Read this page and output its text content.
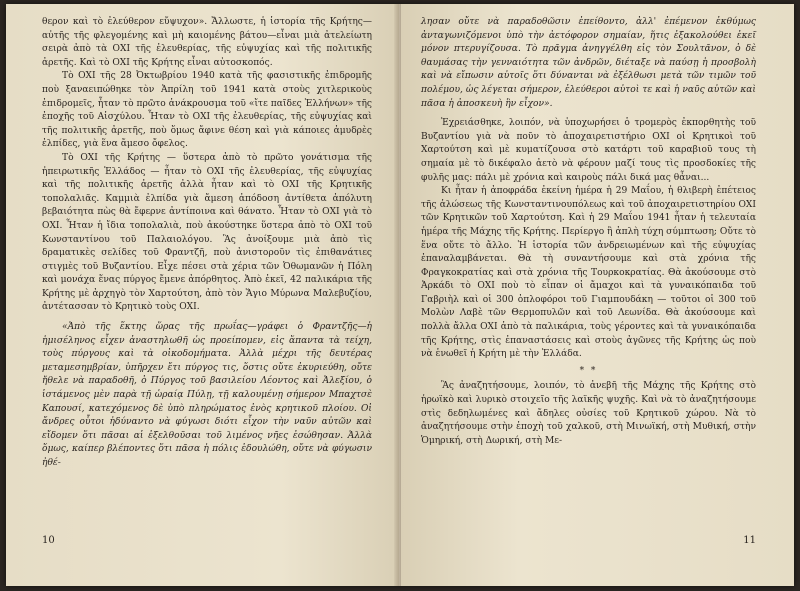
θερον καὶ τὸ ἐλεύθερον εὔψυχον». Ἄλλωστε, ἡ ἱστορία τῆς Κρήτης—αὐτῆς τῆς φλεγομένης καὶ μὴ καιομένης βάτου—εἶναι μιὰ ἀτελείωτη σειρὰ ἀπὸ τὰ ΟΧΙ τῆς ἐλευθερίας, τῆς εὐψυχίας καὶ τῆς πολιτικῆς ἀρετῆς. Καὶ τὸ ΟΧΙ τῆς Κρήτης εἶναι αὐτοσκοπός.

Τὸ ΟΧΙ τῆς 28 Ὀκτωβρίου 1940 κατὰ τῆς φασιστικῆς ἐπιδρομῆς ποὺ ξαναειπώθηκε τὸν Ἀπρίλη τοῦ 1941 κατὰ στοὺς χιτλερικοὺς ἐπιδρομεῖς, ἦταν τὸ πρῶτο ἀνάκρουσμα τοῦ «ἴτε παῖδες Ἑλλήνων» τῆς ἐποχῆς τοῦ Αἰσχύλου. Ἦταν τὸ ΟΧΙ τῆς ἐλευθερίας, τῆς εὐψυχίας καὶ τῆς πολιτικῆς ἀρετῆς, ποὺ ὅμως ἄφινε θέση καὶ γιὰ κάποιες ἀμυδρὲς ἐλπίδες, γιὰ ἕνα ἄμεσο ὄφελος.

Τὸ ΟΧΙ τῆς Κρήτης — ὕστερα ἀπὸ τὸ πρῶτο γονάτισμα τῆς ἠπειρωτικῆς Ἑλλάδος — ἦταν τὸ ΟΧΙ τῆς ἐλευθερίας, τῆς εὐψυχίας καὶ τῆς πολιτικῆς ἀρετῆς ἀλλὰ ἦταν καὶ τὸ ΟΧΙ τῆς Κρητικῆς τοπολαλιᾶς. Καμμιὰ ἐλπίδα γιὰ ἄμεση ἀπόδοση ἀντίθετα ἀπόλυτη βεβαιότητα πὼς θὰ ἔφερνε ἀντίποινα καὶ θάνατο. Ἦταν τὸ ΟΧΙ γιὰ τὸ ΟΧΙ. Ἦταν ἡ ἴδια τοπολαλιὰ, ποὺ ἀκούστηκε ὕστερα ἀπὸ τὸ ΟΧΙ τοῦ Κωνσταντίνου τοῦ Παλαιολόγου. Ἂς ἀνοίξουμε μιὰ ἀπὸ τὶς δραματικὲς σελίδες τοῦ Φραντζῆ, ποὺ ἀνιστοροῦν τὶς ἐπιθανάτιες στιγμὲς τοῦ Βυζαντίου. Εἶχε πέσει στὰ χέρια τῶν Ὀθωμανῶν ἡ Πόλη καὶ μονάχα ἕνας πύργος ἔμενε ἀπόρθητος. Ἀπὸ ἐκεῖ, 42 παλικάρια τῆς Κρήτης μὲ ἀρχηγὸ τὸν Χαρτούτση, ἀπὸ τὸν Ἅγιο Μύρωνα Μαλεβυζίου, ἀντέτασσαν τὸ Κρητικὸ τοὺς ΟΧΙ.

«Ἀπὸ τῆς ἕκτης ὥρας τῆς πρωΐας—γράφει ὁ Φραντζῆς—ἡ ἡμισέληνος εἶχεν ἀναστηλωθῆ ὡς προείπομεν, εἰς ἅπαντα τὰ τείχη, τοὺς πύργους καὶ τὰ οἰκοδομήματα. Ἀλλὰ μέχρι τῆς δευτέρας μεταμεσημβρίαν, ὑπῆρχεν ἔτι πύργος τις, ὅστις οὔτε ἐκυριεύθη, οὔτε ἤθελε νὰ παραδοθῆ, ὁ Πύργος τοῦ βασιλείου Λέοντος καὶ Ἀλεξίου, ὁ ἱστάμενος μὲν παρὰ τῇ ὡραίᾳ Πύλῃ, τῇ καλουμένῃ σήμερον Μπαχτσὲ Καπουσί, κατεχόμενος δὲ ὑπὸ πληρώματος ἑνὸς κρητικοῦ πλοίου. Οἱ ἄνδρες οὗτοι ἠδύναντο νὰ φύγωσι διότι εἶχον τὴν ναῦν αὐτῶν καὶ εἴδομεν ὅτι πᾶσαι αἱ ἐξελθοῦσαι τοῦ λιμένος νῆες ἐσώθησαν. Ἀλλὰ ὅμως, καίπερ βλέποντες ὅτι πᾶσα ἡ πόλις ἑδουλώθη, οὔτε νὰ φύγωσιν ἠθέ-

10

λησαν οὔτε νὰ παραδοθῶσιν ἐπείθοντο, ἀλλ' ἐπέμενον ἐκθύμως ἀνταγωνιζόμενοι ὑπὸ τὴν ἀετόφορον σημαίαν, ἥτις ἐξακολούθει ἐκεῖ μόνον πτερυγίζουσα. Τὸ πρᾶγμα ἀνηγγέλθη εἰς τὸν Σουλτᾶνον, ὁ δὲ θαυμάσας τὴν γενναιότητα τῶν ἀνδρῶν, διέταξε νὰ παύσῃ ἡ προσβολὴ καὶ νὰ εἴπωσιν αὐτοῖς ὅτι δύνανται νὰ ἐξέλθωσι μετὰ τῶν τιμῶν τοῦ πολέμου, ὡς λέγεται σήμερον, ἐλεύθεροι αὐτοὶ τε καὶ ἡ ναῦς αὐτῶν καὶ πᾶσα ἡ ἀποσκευὴ ἣν εἶχον».

Ἐχρειάσθηκε, λοιπόν, νὰ ὑποχωρήσει ὁ τρομερὸς ἐκπορθητὴς τοῦ Βυζαντίου γιὰ νὰ ποῦν τὸ ἀποχαιρετιστήριο ΟΧΙ οἱ Κρητικοὶ τοῦ Χαρτούτση καὶ μὲ κυματίζουσα στὸ κατάρτι τοῦ καραβιοῦ τους τὴ σημαία μὲ τὸ δικέφαλο ἀετὸ νὰ φέρουν μαζί τους τὶς προσδοκίες τῆς φυλῆς μας: πάλι μὲ χρόνια καὶ καιροὺς πάλι δικά μας θἆναι...

Κι ἦταν ἡ ἀποφράδα ἐκείνη ἡμέρα ἡ 29 Μαΐου, ἡ θλιβερὴ ἐπέτειος τῆς ἁλώσεως τῆς Κωνσταντινουπόλεως καὶ τοῦ ἀποχαιρετιστηρίου ΟΧΙ τῶν Κρητικῶν τοῦ Χαρτούτση. Καὶ ἡ 29 Μαΐου 1941 ἦταν ἡ τελευταία ἡμέρα τῆς Μάχης τῆς Κρήτης. Περίεργο ἢ ἁπλὴ τύχη σύμπτωση; Οὔτε τὸ ἕνα οὔτε τὸ ἄλλο. Ἡ ἱστορία τῶν ἀνδρειωμένων καὶ τῆς εὐψυχίας ἐπαναλαμβάνεται. Θὰ τὴ συναντήσουμε καὶ στὰ χρόνια τῆς Φραγκοκρατίας καὶ στὰ χρόνια τῆς Τουρκοκρατίας. Θὰ ἀκούσουμε στὸ Ἀρκάδι τὸ ΟΧΙ ποὺ τὸ εἶπαν οἱ ἄμαχοι καὶ τὰ γυναικόπαιδα τοῦ Γαβριὴλ καὶ οἱ 300 ὁπλοφόροι τοῦ Γιαμπουδάκη — τοῦτοι οἱ 300 τοῦ Μολὼν Λαβὲ τῶν Θερμοπυλῶν καὶ τοῦ Λεωνίδα. Θὰ ἀκούσουμε καὶ πολλὰ ἄλλα ΟΧΙ ἀπὸ τὰ παλικάρια, τοὺς γέροντες καὶ τὰ γυναικόπαιδα τῆς Κρήτης, στὶς ἐπαναστάσεις καὶ στοὺς ἀγῶνες τῆς Κρήτης ὡς ποὺ νὰ ἑνωθεῖ ἡ Κρήτη μὲ τὴν Ἑλλάδα.

* *

Ἂς ἀναζητήσουμε, λοιπόν, τὸ ἀνεβῆ τῆς Μάχης τῆς Κρήτης στὸ ἡρωϊκὸ καὶ λυρικὸ στοιχεῖο τῆς λαϊκῆς ψυχῆς. Καὶ νὰ τὸ ἀναζητήσουμε στὶς δεδηλωμένες καὶ ἄδηλες οὐσίες τοῦ Κρητικοῦ χώρου. Νὰ τὸ ἀναζητήσουμε στὴν ἐποχὴ τοῦ χαλκοῦ, στὴ Μινωϊκή, στὴ Μυθική, στὴν Ὁμηρική, στὴ Δωρική, στὴ Με-

11
